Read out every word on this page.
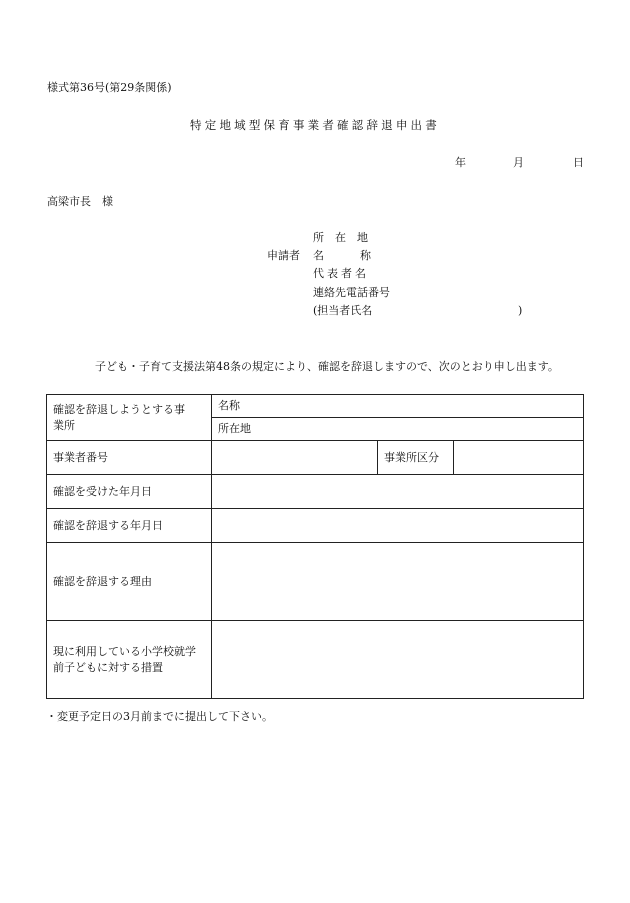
様式第36号(第29条関係)
特定地域型保育事業者確認辞退申出書
年	月	日
高梁市長　様
申請者
所在地
名	称
代表者名
連絡先電話番号
(担当者氏名	)
子ども・子育て支援法第48条の規定により、確認を辞退しますので、次のとおり申し出ます。
確認を辞退しようとする事業所	名称		
	所在地		
事業者番号		事業所区分	
確認を受けた年月日			
確認を辞退する年月日			
確認を辞退する理由			
現に利用している小学校就学前子どもに対する措置			
・変更予定日の3月前までに提出して下さい。
